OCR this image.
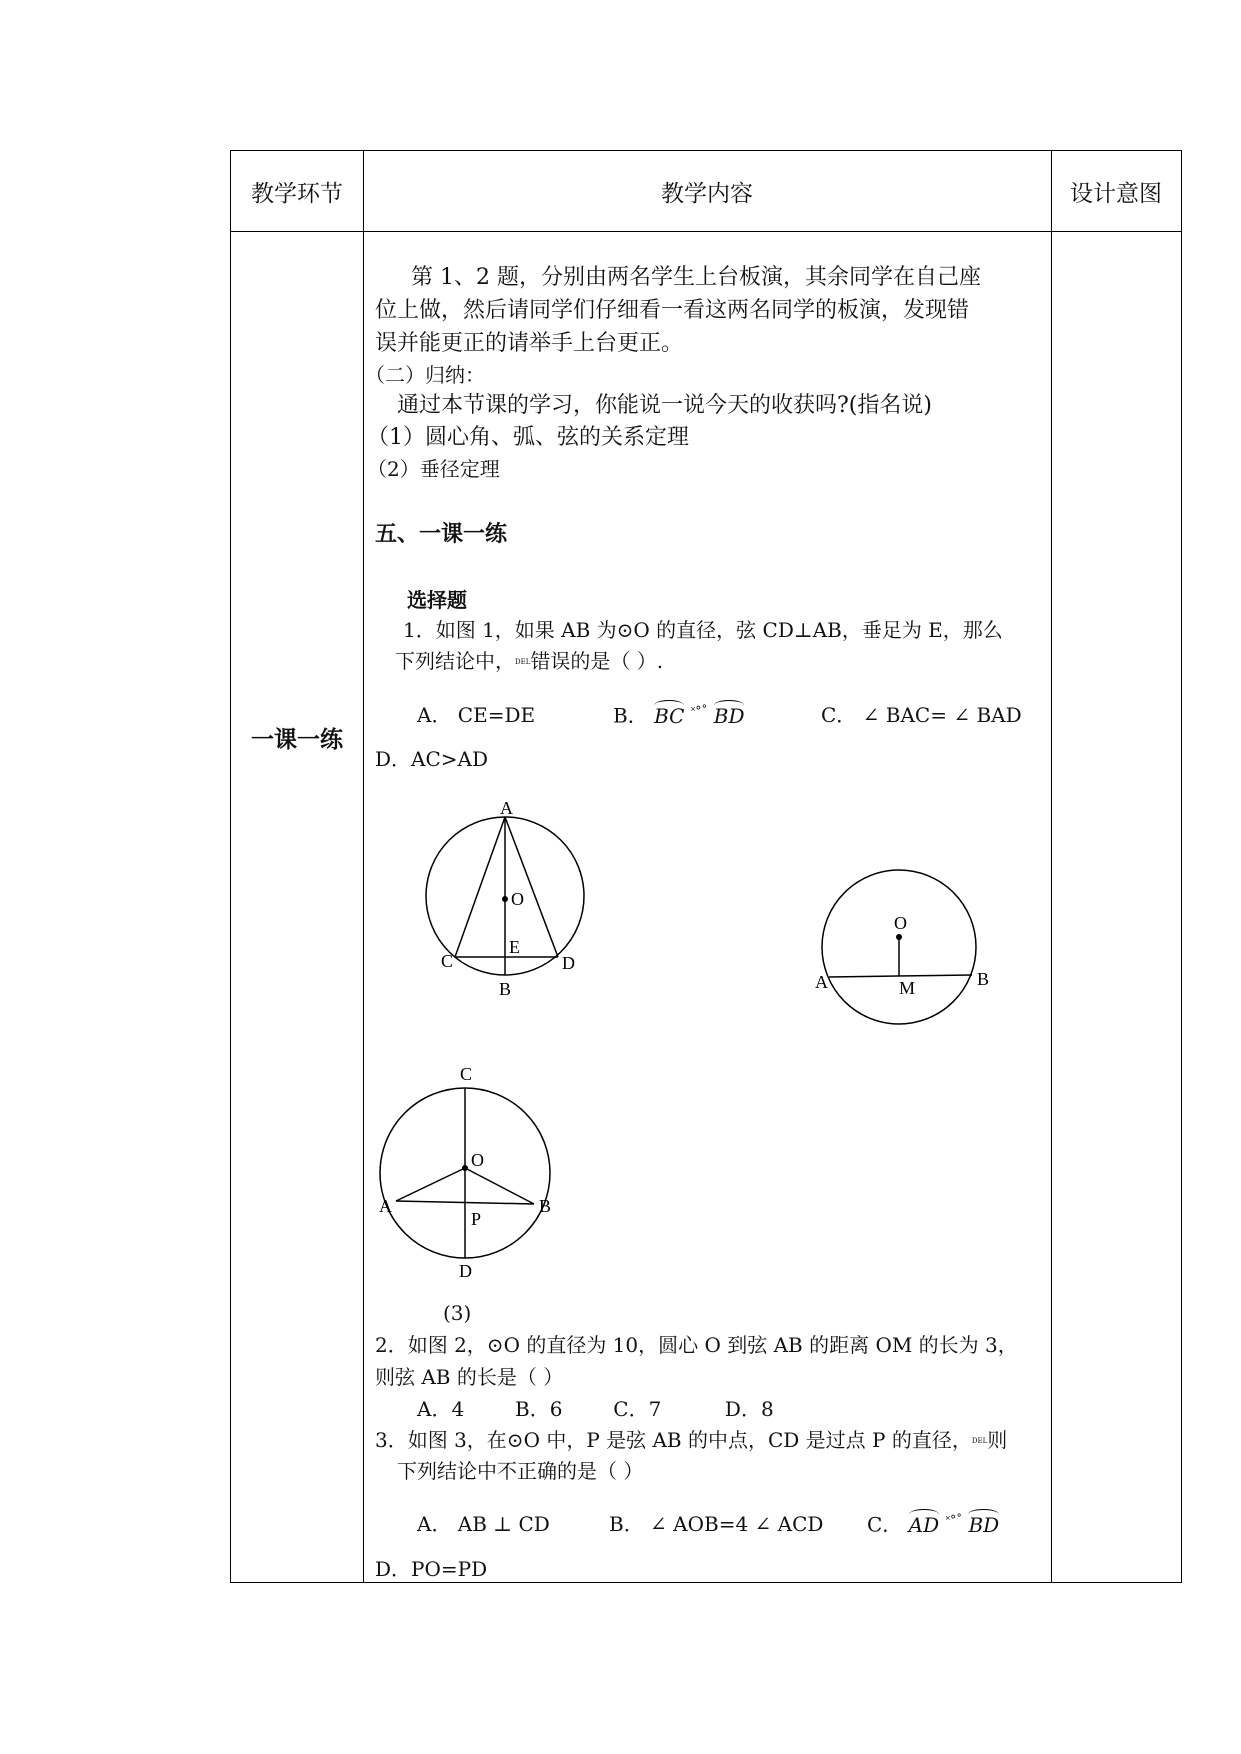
教学环节	教学内容	设计意图
一课一练
第 1、2 题，分别由两名学生上台板演，其余同学在自己座
位上做，然后请同学们仔细看一看这两名同学的板演，发现错
误并能更正的请举手上台更正。
（二）归纳：
通过本节课的学习，你能说一说今天的收获吗?(指名说)
（1）圆心角、弧、弦的关系定理
（2）垂径定理
五、一课一练
选择题
1．如图 1，如果 AB 为⊙O 的直径，弦 CD⊥AB，垂足为 E，那么
下列结论中，DEL错误的是（ ）.
A． CE=DE	B． BC ˟°˚ BD	C． ∠ BAC= ∠ BAD
D．AC>AD
A
O
E
C	D
B
O
A	M	B
C
O
A
P
B
D
(3)
2．如图 2，⊙O 的直径为 10，圆心 O 到弦 AB 的距离 OM 的长为 3，
则弦 AB 的长是（ ）
A．4        B．6        C．7          D．8
3．如图 3，在⊙O 中，P 是弦 AB 的中点，CD 是过点 P 的直径，DEL则
下列结论中不正确的是（ ）
A． AB ⊥ CD	B． ∠ AOB=4 ∠ ACD C． AD ˟°˚ BD
D．PO=PD
